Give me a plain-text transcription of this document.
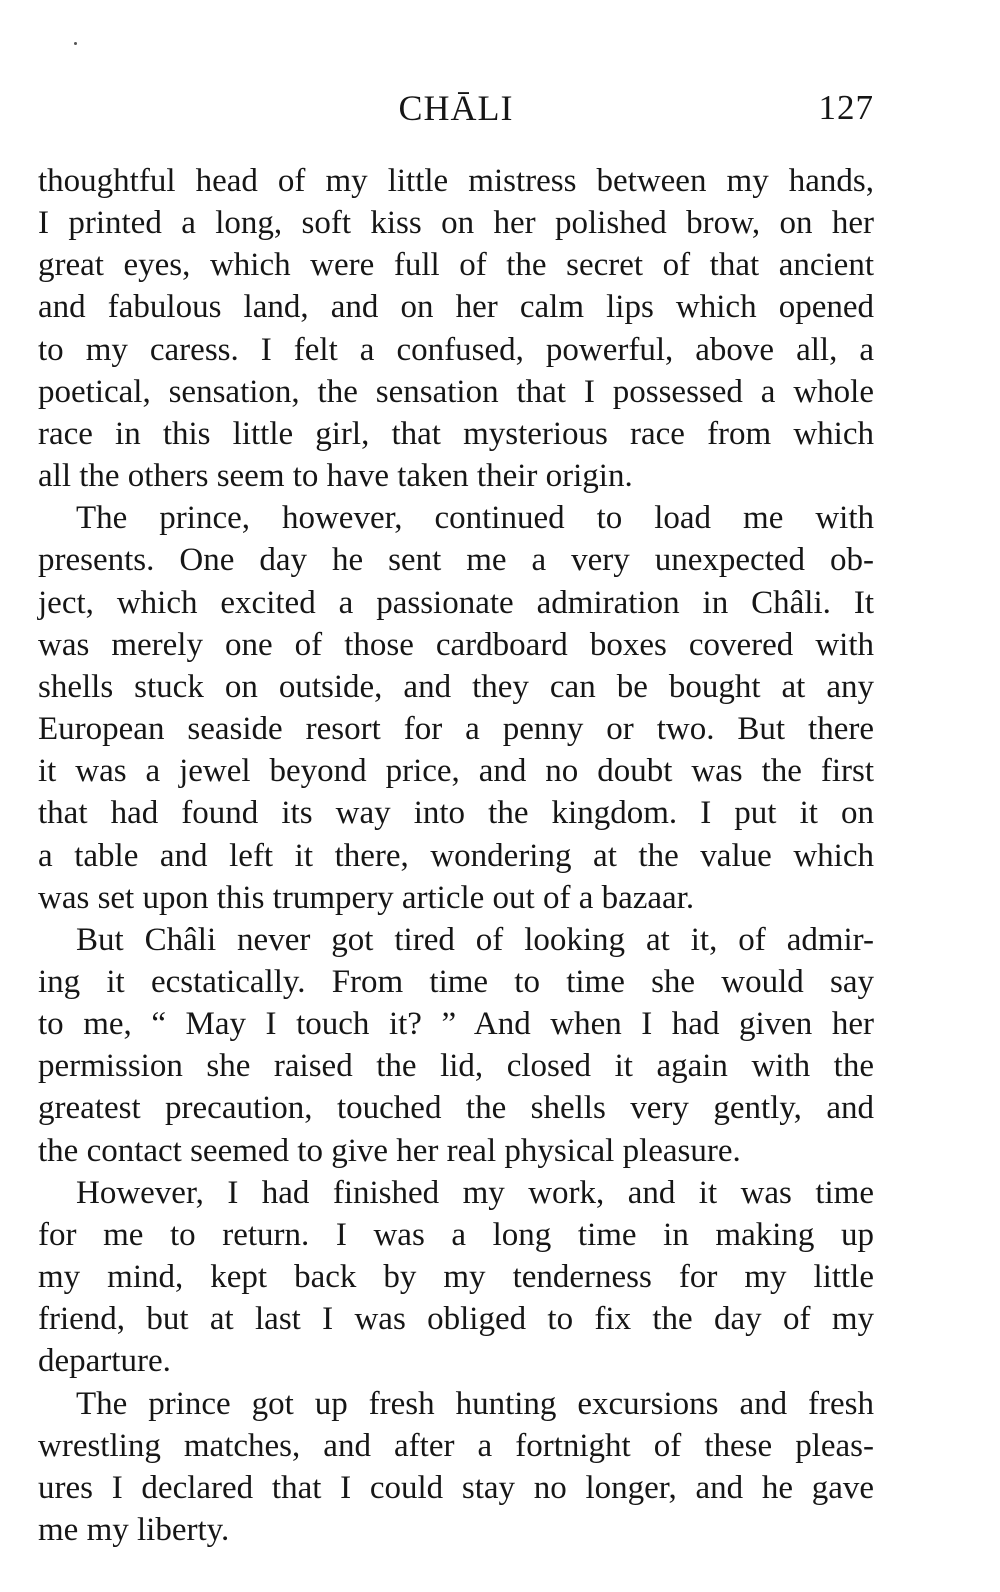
CHĀLI	127

thoughtful head of my little mistress between my hands,
I printed a long, soft kiss on her polished brow, on her
great eyes, which were full of the secret of that ancient
and fabulous land, and on her calm lips which opened
to my caress. I felt a confused, powerful, above all, a
poetical, sensation, the sensation that I possessed a whole
race in this little girl, that mysterious race from which
all the others seem to have taken their origin.

The prince, however, continued to load me with
presents. One day he sent me a very unexpected ob-
ject, which excited a passionate admiration in Châli. It
was merely one of those cardboard boxes covered with
shells stuck on outside, and they can be bought at any
European seaside resort for a penny or two. But there
it was a jewel beyond price, and no doubt was the first
that had found its way into the kingdom. I put it on
a table and left it there, wondering at the value which
was set upon this trumpery article out of a bazaar.

But Châli never got tired of looking at it, of admir-
ing it ecstatically. From time to time she would say
to me, “ May I touch it? ” And when I had given her
permission she raised the lid, closed it again with the
greatest precaution, touched the shells very gently, and
the contact seemed to give her real physical pleasure.

However, I had finished my work, and it was time
for me to return. I was a long time in making up
my mind, kept back by my tenderness for my little
friend, but at last I was obliged to fix the day of my
departure.

The prince got up fresh hunting excursions and fresh
wrestling matches, and after a fortnight of these pleas-
ures I declared that I could stay no longer, and he gave
me my liberty.
